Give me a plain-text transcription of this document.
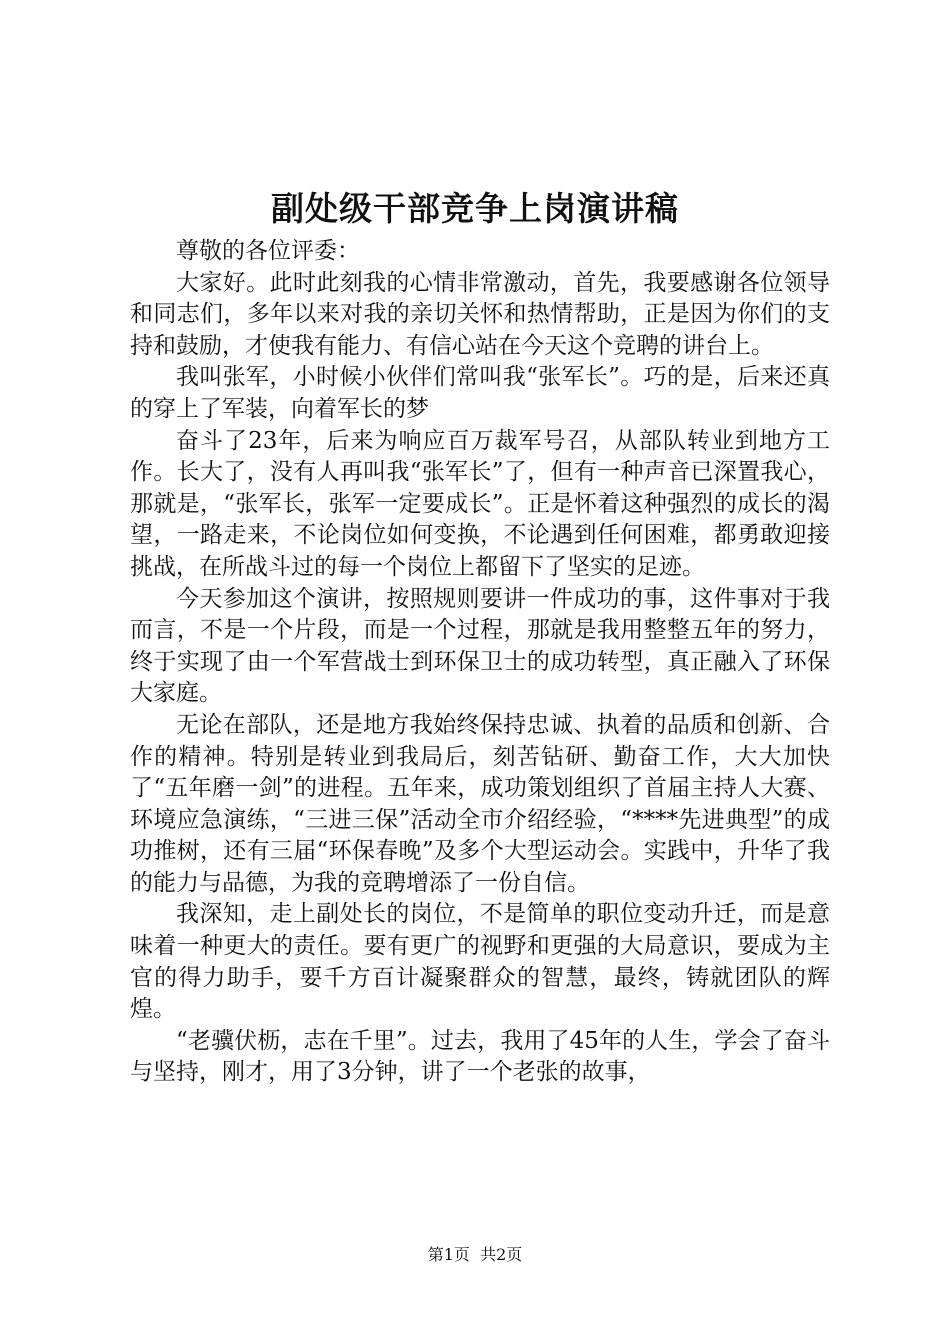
副处级干部竞争上岗演讲稿

尊敬的各位评委：

大家好。此时此刻我的心情非常激动，首先，我要感谢各位领导和同志们，多年以来对我的亲切关怀和热情帮助，正是因为你们的支持和鼓励，才使我有能力、有信心站在今天这个竞聘的讲台上。

我叫张军，小时候小伙伴们常叫我“张军长”。巧的是，后来还真的穿上了军装，向着军长的梦

奋斗了23年，后来为响应百万裁军号召，从部队转业到地方工作。长大了，没有人再叫我“张军长”了，但有一种声音已深置我心，那就是，“张军长，张军一定要成长”。正是怀着这种强烈的成长的渴望，一路走来，不论岗位如何变换，不论遇到任何困难，都勇敢迎接挑战，在所战斗过的每一个岗位上都留下了坚实的足迹。

今天参加这个演讲，按照规则要讲一件成功的事，这件事对于我而言，不是一个片段，而是一个过程，那就是我用整整五年的努力，终于实现了由一个军营战士到环保卫士的成功转型，真正融入了环保大家庭。

无论在部队，还是地方我始终保持忠诚、执着的品质和创新、合作的精神。特别是转业到我局后，刻苦钻研、勤奋工作，大大加快了“五年磨一剑”的进程。五年来，成功策划组织了首届主持人大赛、环境应急演练，“三进三保”活动全市介绍经验，“****先进典型”的成功推树，还有三届“环保春晚”及多个大型运动会。实践中，升华了我的能力与品德，为我的竞聘增添了一份自信。

我深知，走上副处长的岗位，不是简单的职位变动升迁，而是意味着一种更大的责任。要有更广的视野和更强的大局意识，要成为主官的得力助手，要千方百计凝聚群众的智慧，最终，铸就团队的辉煌。

“老骥伏枥，志在千里”。过去，我用了45年的人生，学会了奋斗与坚持，刚才，用了3分钟，讲了一个老张的故事，

第1页 共2页
